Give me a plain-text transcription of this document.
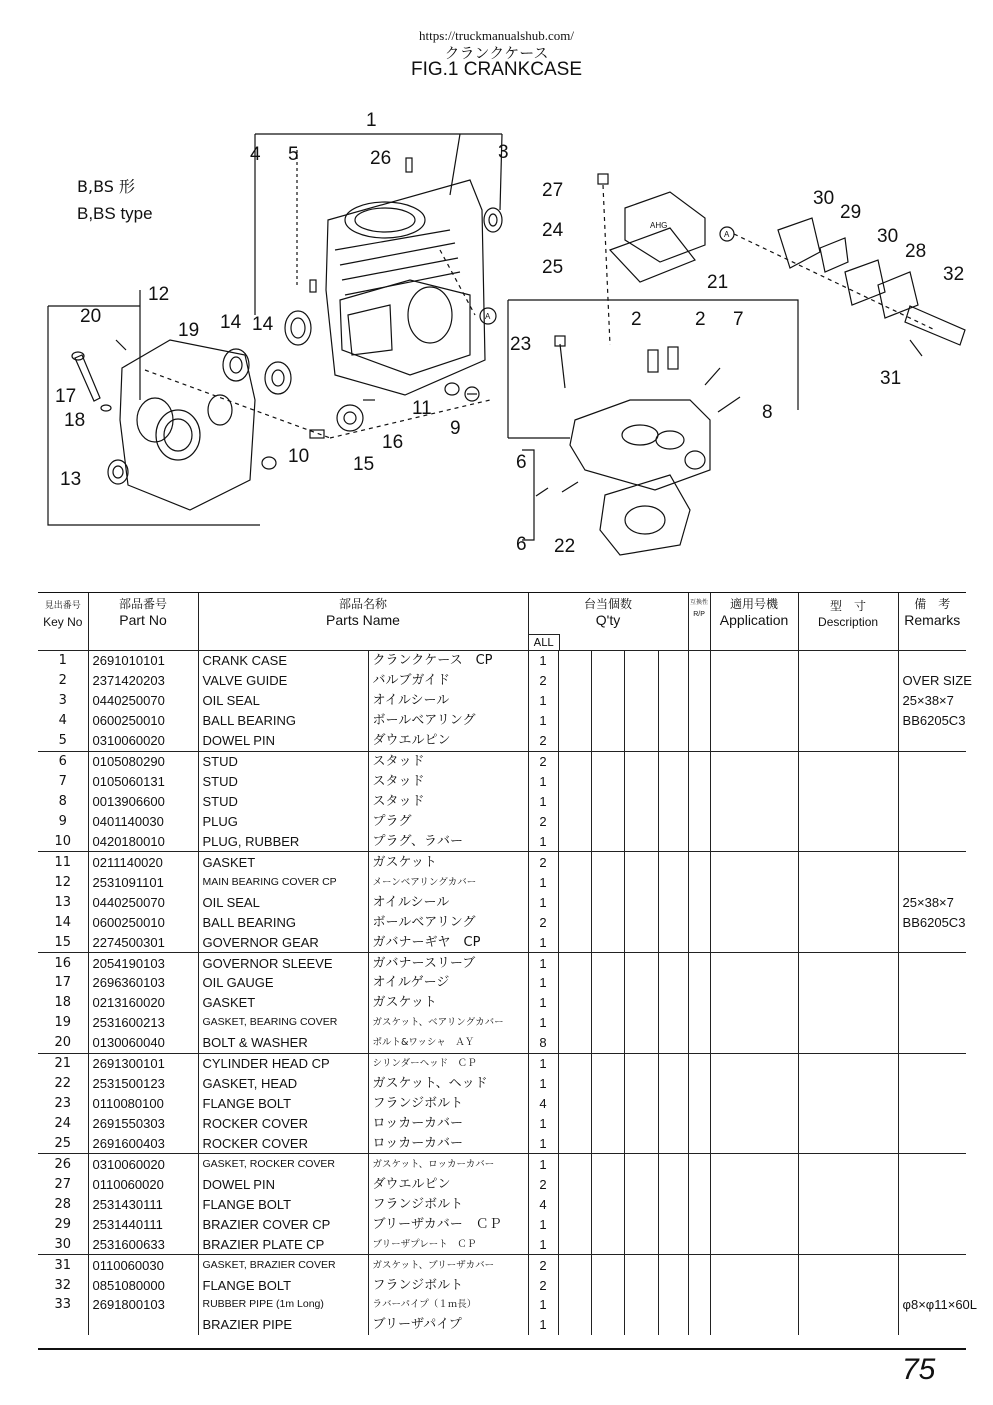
https://truckmanualshub.com/
クランクケース
FIG.1 CRANKCASE
B,BS 形
B,BS type
1
2	2
3
4 5
6
6
7
8
9
10
11
12
13
14 14
15
16
17
18
19
20
21
22
23
24
25
26
27
28
29
30
30
31
32
A
A
AHG
見出番号
Key No	部品番号
Part No	部品名称
Parts Name		台当個数
Q'ty
ALL					互換性
R/P	適用号機
Application	型　寸
Description	備　考
Remarks

1	2691010101	CRANK CASE	クランクケース　CP	1								
2	2371420203	VALVE GUIDE	バルブガイド	2								OVER SIZE
3	0440250070	OIL SEAL	オイルシール	1								25×38×7
4	0600250010	BALL BEARING	ボールベアリング	1								BB6205C3
5	0310060020	DOWEL PIN	ダウエルピン	2								
6	0105080290	STUD	スタッド	2								
7	0105060131	STUD	スタッド	1								
8	0013906600	STUD	スタッド	1								
9	0401140030	PLUG	プラグ	2								
10	0420180010	PLUG, RUBBER	プラグ、ラバー	1								
11	0211140020	GASKET	ガスケット	2								
12	2531091101	MAIN BEARING COVER CP	メーンベアリングカバー	1								
13	0440250070	OIL SEAL	オイルシール	1								25×38×7
14	0600250010	BALL BEARING	ボールベアリング	2								BB6205C3
15	2274500301	GOVERNOR GEAR	ガバナーギヤ　CP	1								
16	2054190103	GOVERNOR SLEEVE	ガバナースリーブ	1								
17	2696360103	OIL GAUGE	オイルゲージ	1								
18	0213160020	GASKET	ガスケット	1								
19	2531600213	GASKET, BEARING COVER	ガスケット、ベアリングカバー	1								
20	0130060040	BOLT & WASHER	ボルト&ワッシャ　ＡＹ	8								
21	2691300101	CYLINDER HEAD CP	シリンダーヘッド　ＣＰ	1								
22	2531500123	GASKET, HEAD	ガスケット、ヘッド	1								
23	0110080100	FLANGE BOLT	フランジボルト	4								
24	2691550303	ROCKER COVER	ロッカーカバー	1								
25	2691600403	ROCKER COVER	ロッカーカバー	1								
26	0310060020	GASKET, ROCKER COVER	ガスケット、ロッカーカバー	1								
27	0110060020	DOWEL PIN	ダウエルピン	2								
28	2531430111	FLANGE BOLT	フランジボルト	4								
29	2531440111	BRAZIER COVER CP	ブリーザカバー　ＣＰ	1								
30	2531600633	BRAZIER PLATE CP	ブリーザプレート　ＣＰ	1								
31	0110060030	GASKET, BRAZIER COVER	ガスケット、ブリーザカバー	2								
32	0851080000	FLANGE BOLT	フランジボルト	2								
33	2691800103	RUBBER PIPE (1m Long)	ラバーパイプ（１ｍ長）	1								φ8×φ11×60L
		BRAZIER PIPE	ブリーザパイプ	1								
75
